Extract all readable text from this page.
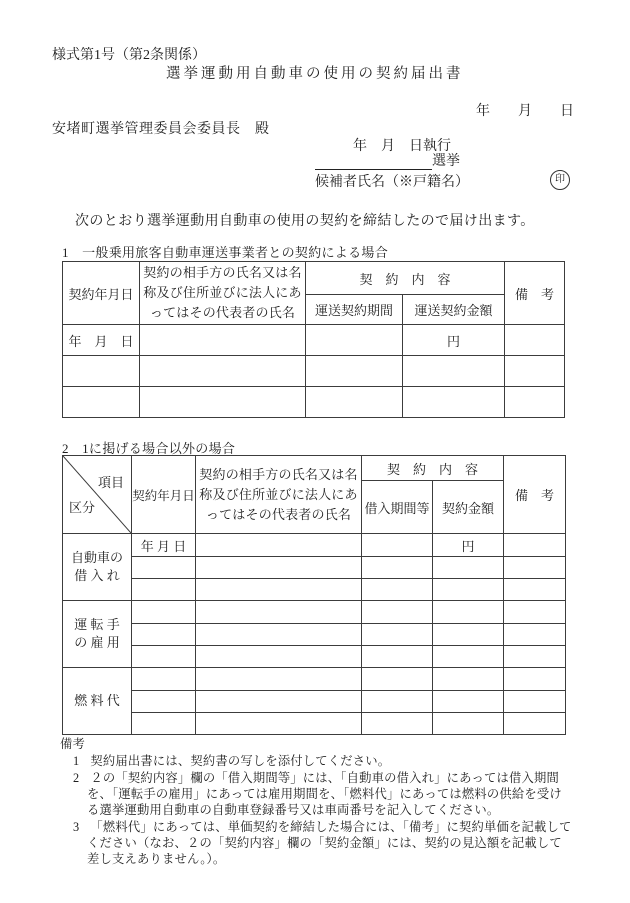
様式第1号（第2条関係）
選挙運動用自動車の使用の契約届出書
年　　月　　日
安堵町選挙管理委員会委員長　殿
年　月　日執行
選挙
候補者氏名（※戸籍名）	印
次のとおり選挙運動用自動車の使用の契約を締結したので届け出ます。
1　一般乗用旅客自動車運送事業者との契約による場合
契約年月日	契約の相手方の氏名又は名称及び住所並びに法人にあってはその代表者の氏名	契　約　内　容		備　考
		運送契約期間	運送契約金額	
年　月　日			円	

2　1に掲げる場合以外の場合
項目
区分	契約年月日	契約の相手方の氏名又は名称及び住所並びに法人にあってはその代表者の氏名	契　約　内　容		備　考
			借入期間等	契約金額	

自動車の
借 入 れ	年 月 日			円	

運 転 手
の 雇 用					

燃 料 代					

備考
1 契約届出書には、契約書の写しを添付してください。
2 ２の「契約内容」欄の「借入期間等」には、「自動車の借入れ」にあっては借入期間を、「運転手の雇用」にあっては雇用期間を、「燃料代」にあっては燃料の供給を受ける選挙運動用自動車の自動車登録番号又は車両番号を記入してください。
3 「燃料代」にあっては、単価契約を締結した場合には、「備考」に契約単価を記載してください（なお、２の「契約内容」欄の「契約金額」には、契約の見込額を記載して差し支えありません。）。
